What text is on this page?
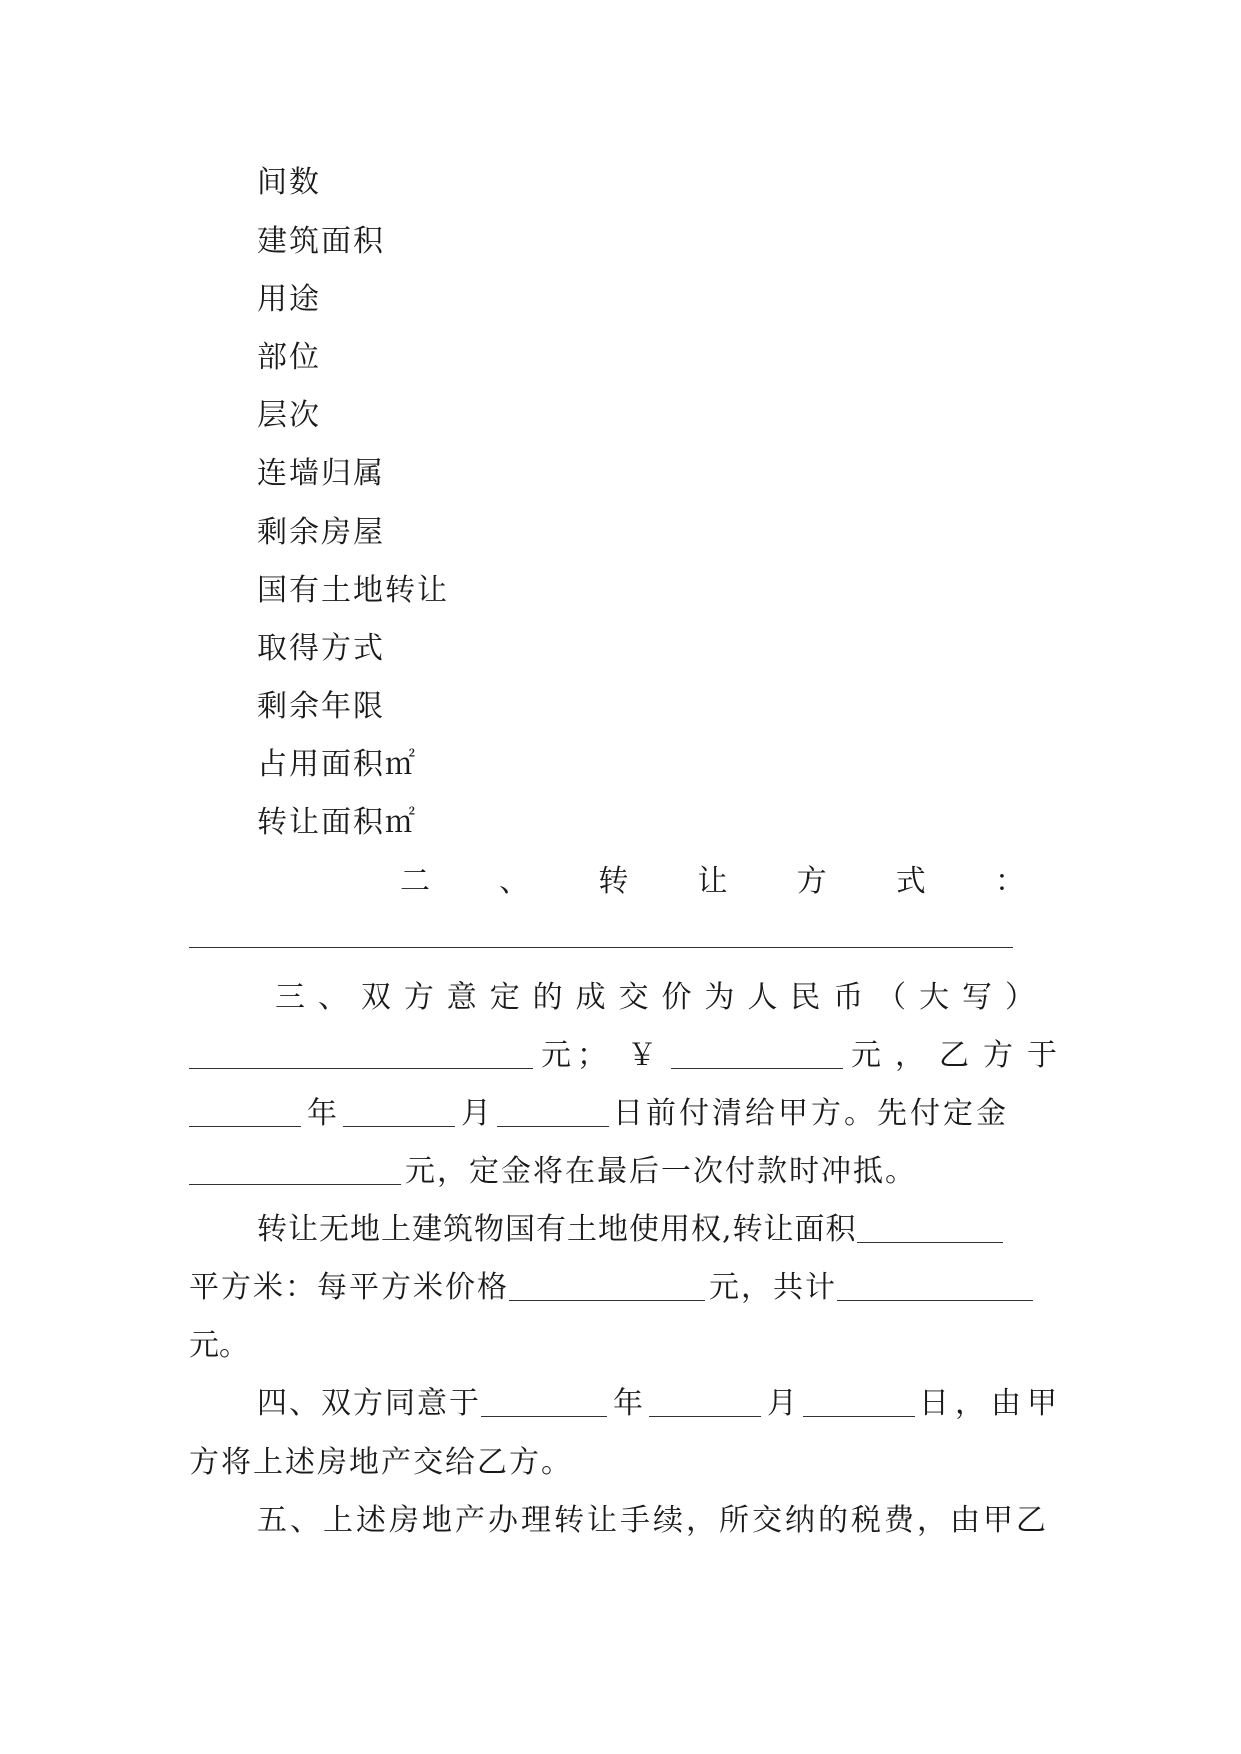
间数
建筑面积
用途
部位
层次
连墙归属
剩余房屋
国有土地转让
取得方式
剩余年限
占用面积㎡
转让面积㎡
二 、 转 让 方 式 ：
三 、 双 方 意 定 的 成 交 价 为 人 民 币 （ 大 写 ）
元； ￥	元，乙方于
年	月	日前付清给甲方。先付定金
元，定金将在最后一次付款时冲抵。
转让无地上建筑物国有土地使用权,转让面积
平方米：每平方米价格	元，共计
元。
四、双方同意于	年	月	日，由甲
方将上述房地产交给乙方。
五、上述房地产办理转让手续，所交纳的税费，由甲乙
